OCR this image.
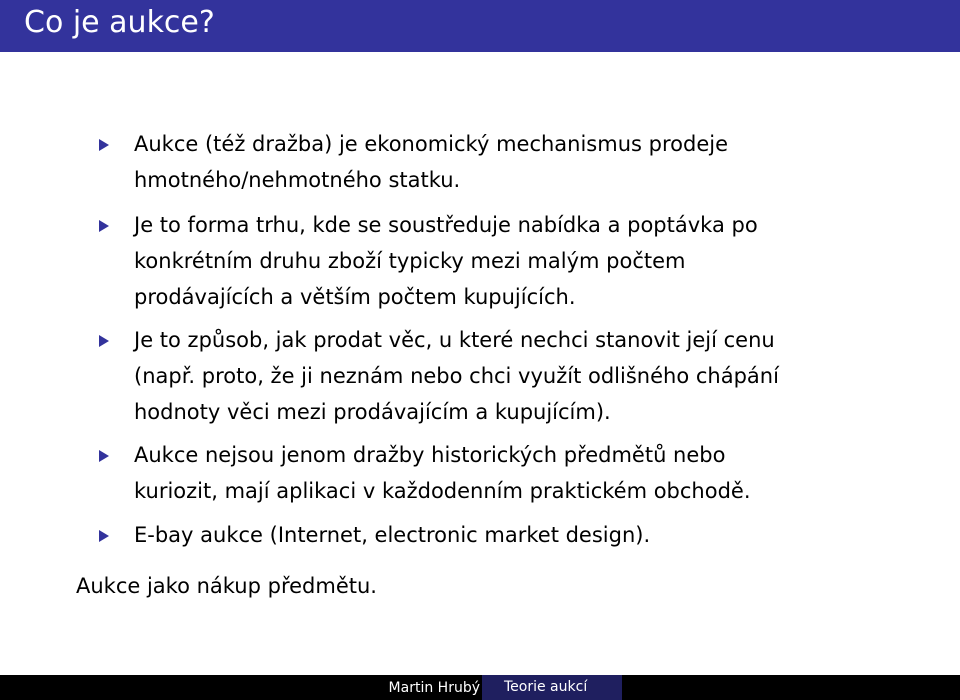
Co je aukce?
Aukce (též dražba) je ekonomický mechanismus prodeje
hmotného/nehmotného statku.
Je to forma trhu, kde se soustředuje nabídka a poptávka po
konkrétním druhu zboží typicky mezi malým počtem
prodávajících a větším počtem kupujících.
Je to způsob, jak prodat věc, u které nechci stanovit její cenu
(např. proto, že ji neznám nebo chci využít odlišného chápání
hodnoty věci mezi prodávajícím a kupujícím).
Aukce nejsou jenom dražby historických předmětů nebo
kuriozit, mají aplikaci v každodenním praktickém obchodě.
E-bay aukce (Internet, electronic market design).
Aukce jako nákup předmětu.
Martin Hrubý	Teorie aukcí
